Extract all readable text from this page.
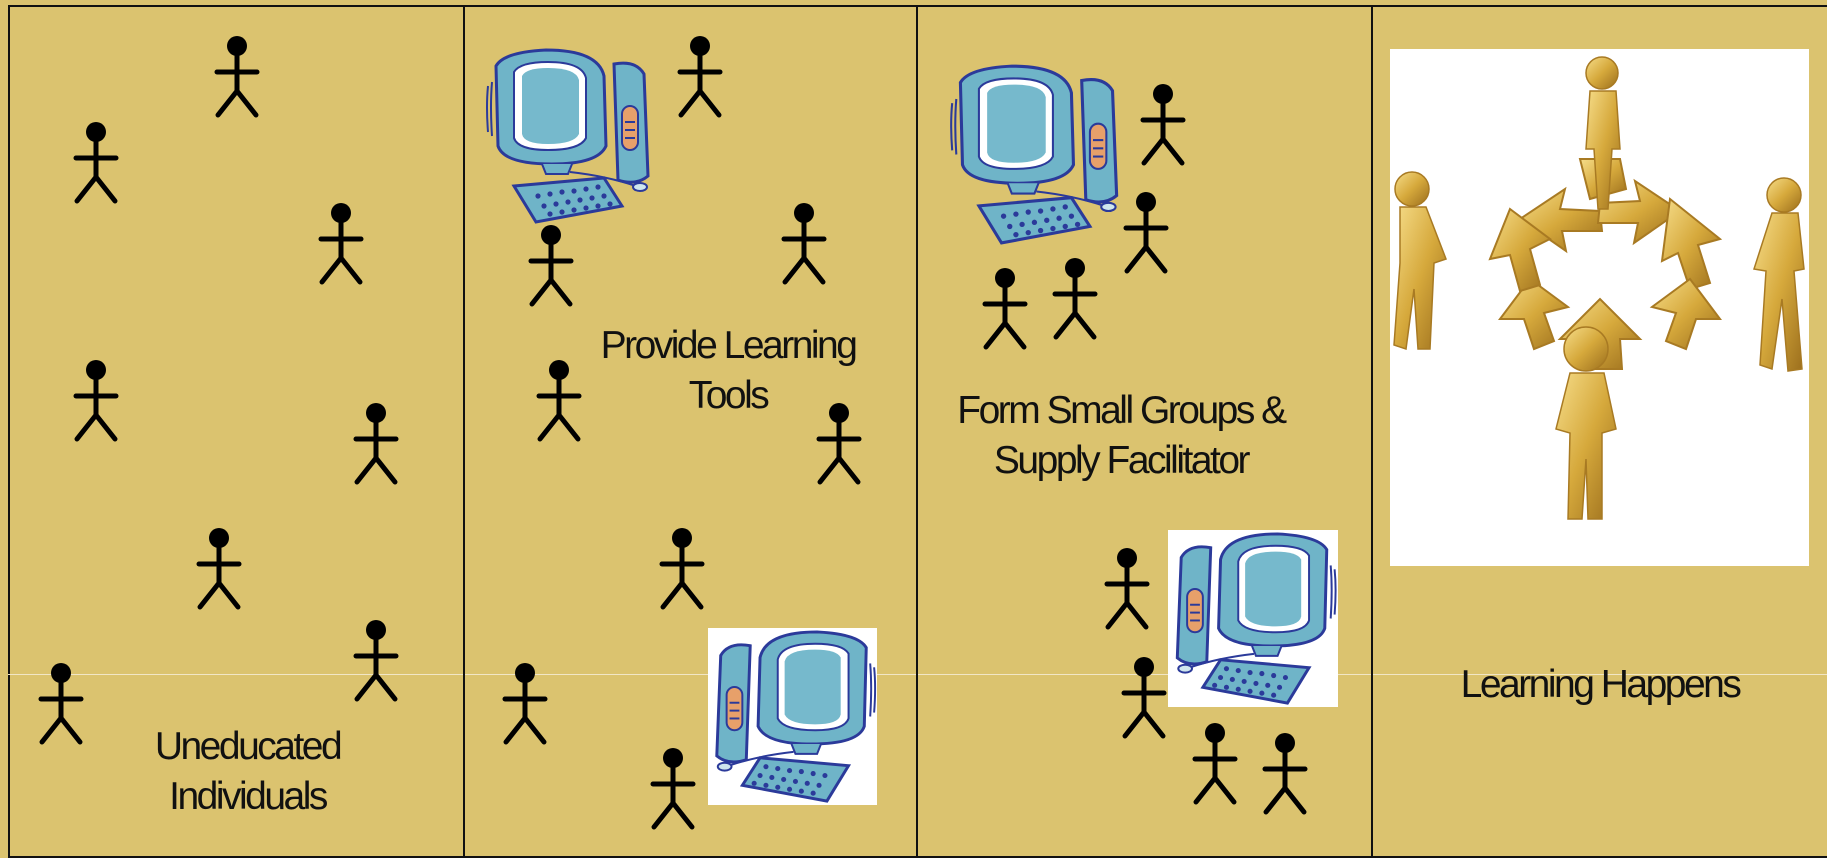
Uneducated
Individuals
Provide Learning
Tools	Form Small Groups &
Supply Facilitator
Learning Happens
